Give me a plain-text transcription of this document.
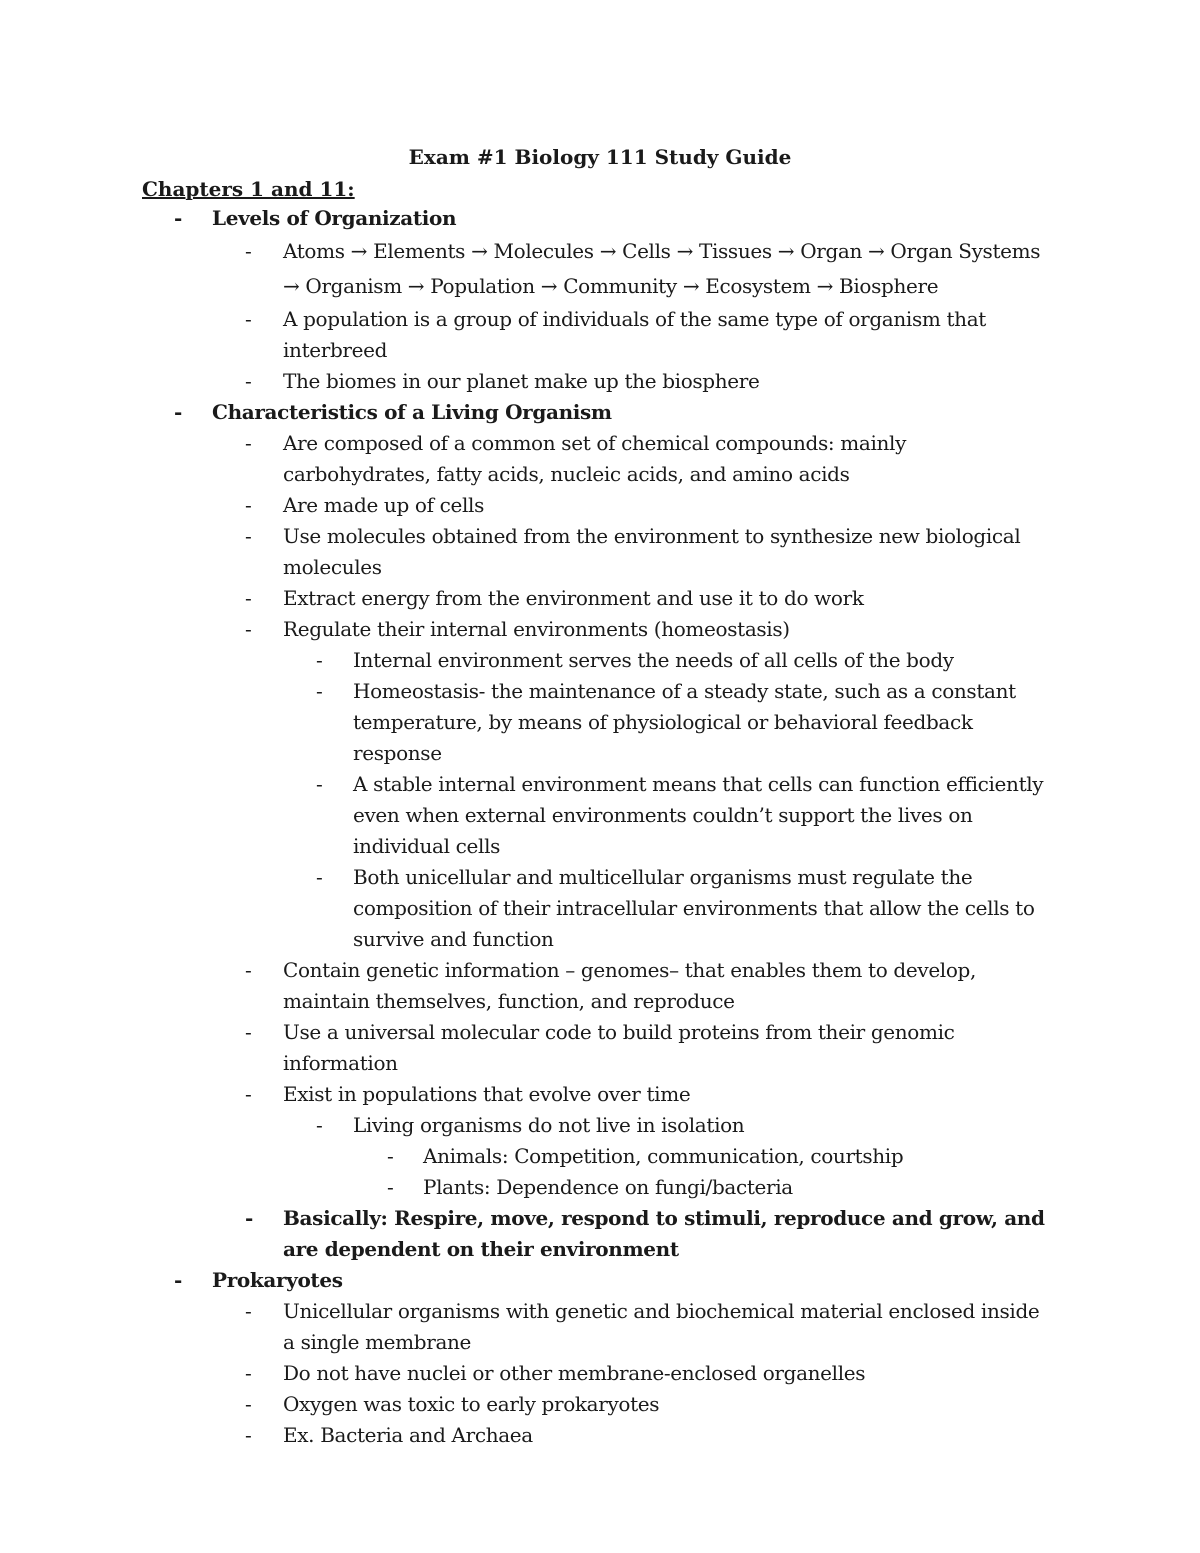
Exam #1 Biology 111 Study Guide
Chapters 1 and 11:
- Levels of Organization
- Atoms → Elements → Molecules → Cells → Tissues → Organ → Organ Systems → Organism → Population → Community → Ecosystem → Biosphere
- A population is a group of individuals of the same type of organism that interbreed
- The biomes in our planet make up the biosphere
- Characteristics of a Living Organism
- Are composed of a common set of chemical compounds: mainly carbohydrates, fatty acids, nucleic acids, and amino acids
- Are made up of cells
- Use molecules obtained from the environment to synthesize new biological molecules
- Extract energy from the environment and use it to do work
- Regulate their internal environments (homeostasis)
- Internal environment serves the needs of all cells of the body
- Homeostasis- the maintenance of a steady state, such as a constant temperature, by means of physiological or behavioral feedback response
- A stable internal environment means that cells can function efficiently even when external environments couldn’t support the lives on individual cells
- Both unicellular and multicellular organisms must regulate the composition of their intracellular environments that allow the cells to survive and function
- Contain genetic information – genomes– that enables them to develop, maintain themselves, function, and reproduce
- Use a universal molecular code to build proteins from their genomic information
- Exist in populations that evolve over time
- Living organisms do not live in isolation
- Animals: Competition, communication, courtship
- Plants: Dependence on fungi/bacteria
- Basically: Respire, move, respond to stimuli, reproduce and grow, and are dependent on their environment
- Prokaryotes
- Unicellular organisms with genetic and biochemical material enclosed inside a single membrane
- Do not have nuclei or other membrane-enclosed organelles
- Oxygen was toxic to early prokaryotes
- Ex. Bacteria and Archaea
